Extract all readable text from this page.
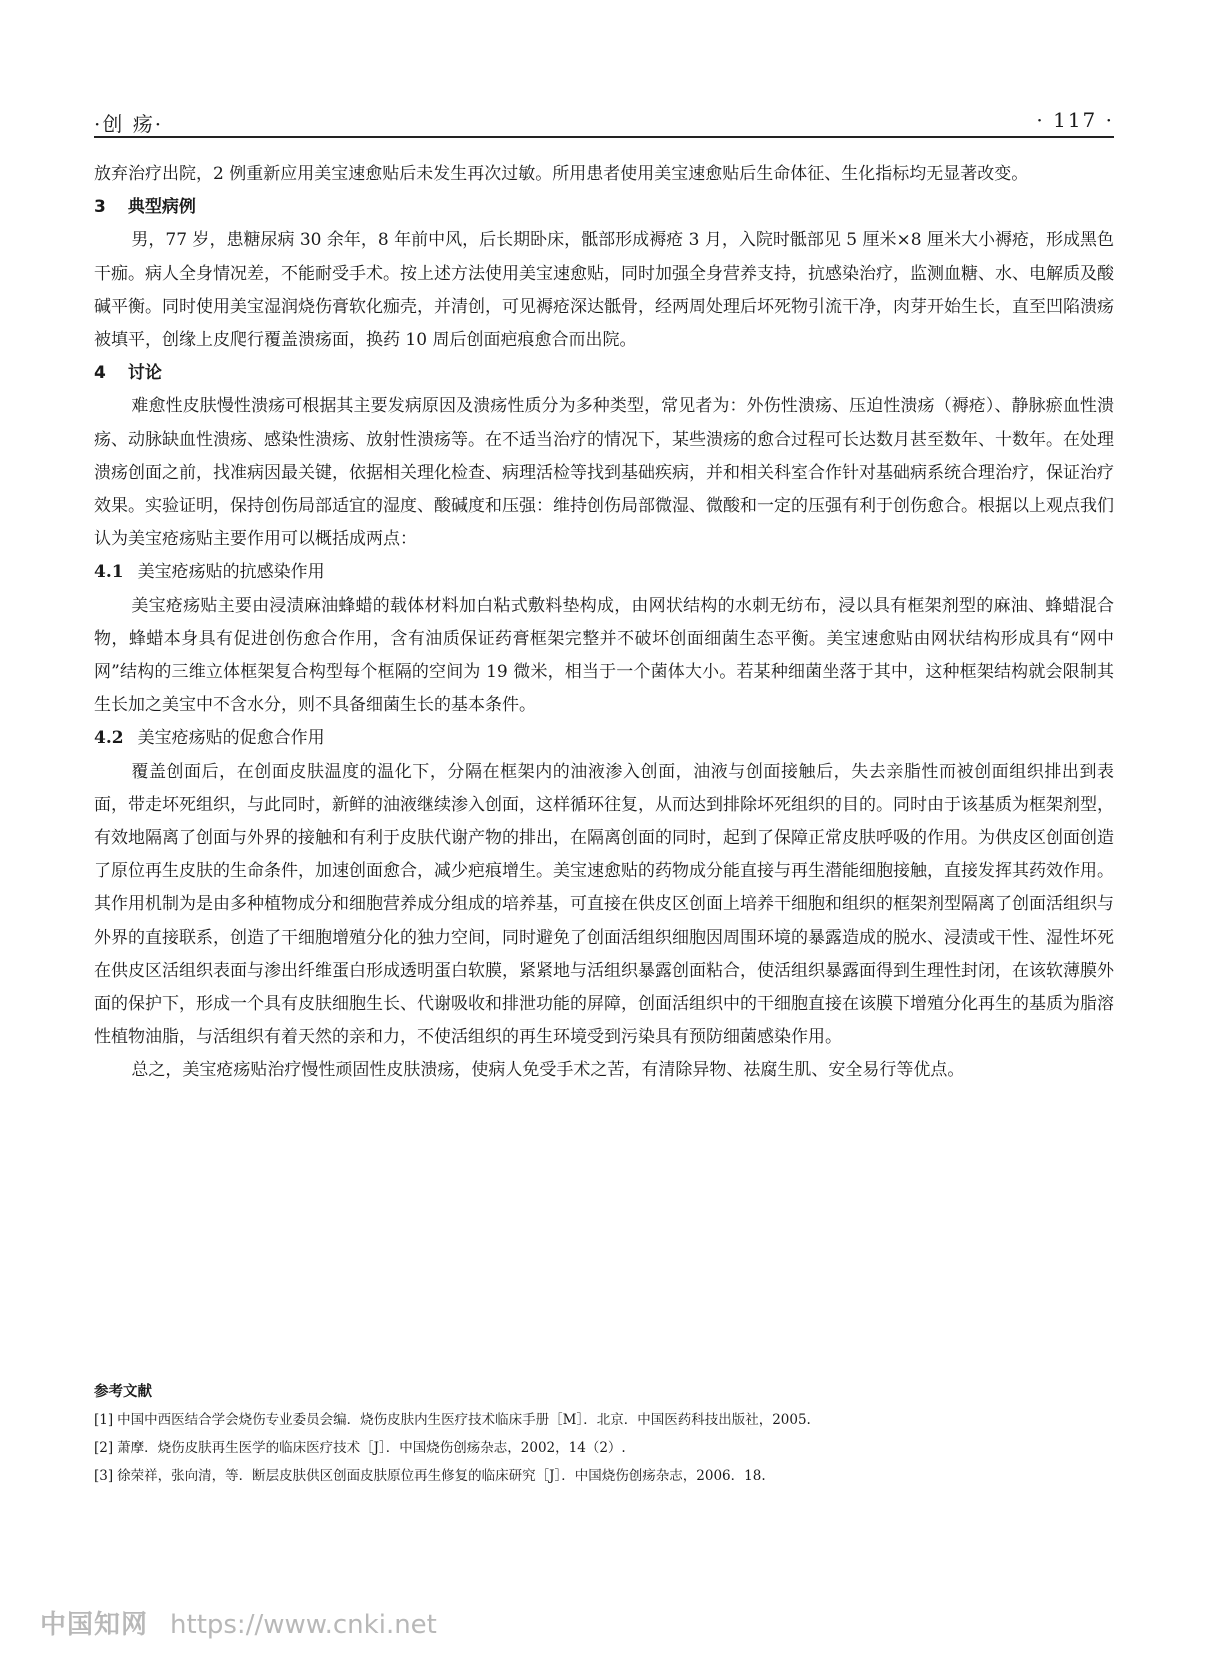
·创 疡·	· 117 ·

放弃治疗出院，2 例重新应用美宝速愈贴后未发生再次过敏。所用患者使用美宝速愈贴后生命体征、生化指标均无显著改变。

3 典型病例

男，77 岁，患糖尿病 30 余年，8 年前中风，后长期卧床，骶部形成褥疮 3 月，入院时骶部见 5 厘米×8 厘米大小褥疮，形成黑色干痂。病人全身情况差，不能耐受手术。按上述方法使用美宝速愈贴，同时加强全身营养支持，抗感染治疗，监测血糖、水、电解质及酸碱平衡。同时使用美宝湿润烧伤膏软化痂壳，并清创，可见褥疮深达骶骨，经两周处理后坏死物引流干净，肉芽开始生长，直至凹陷溃疡被填平，创缘上皮爬行覆盖溃疡面，换药 10 周后创面疤痕愈合而出院。

4 讨论

难愈性皮肤慢性溃疡可根据其主要发病原因及溃疡性质分为多种类型，常见者为：外伤性溃疡、压迫性溃疡（褥疮）、静脉瘀血性溃疡、动脉缺血性溃疡、感染性溃疡、放射性溃疡等。在不适当治疗的情况下，某些溃疡的愈合过程可长达数月甚至数年、十数年。在处理溃疡创面之前，找准病因最关键，依据相关理化检查、病理活检等找到基础疾病，并和相关科室合作针对基础病系统合理治疗，保证治疗效果。实验证明，保持创伤局部适宜的湿度、酸碱度和压强：维持创伤局部微湿、微酸和一定的压强有利于创伤愈合。根据以上观点我们认为美宝疮疡贴主要作用可以概括成两点：

4.1 美宝疮疡贴的抗感染作用

美宝疮疡贴主要由浸渍麻油蜂蜡的载体材料加白粘式敷料垫构成，由网状结构的水刺无纺布，浸以具有框架剂型的麻油、蜂蜡混合物，蜂蜡本身具有促进创伤愈合作用，含有油质保证药膏框架完整并不破坏创面细菌生态平衡。美宝速愈贴由网状结构形成具有“网中网”结构的三维立体框架复合构型每个框隔的空间为 19 微米，相当于一个菌体大小。若某种细菌坐落于其中，这种框架结构就会限制其生长加之美宝中不含水分，则不具备细菌生长的基本条件。

4.2 美宝疮疡贴的促愈合作用

覆盖创面后，在创面皮肤温度的温化下，分隔在框架内的油液渗入创面，油液与创面接触后，失去亲脂性而被创面组织排出到表面，带走坏死组织，与此同时，新鲜的油液继续渗入创面，这样循环往复，从而达到排除坏死组织的目的。同时由于该基质为框架剂型，有效地隔离了创面与外界的接触和有利于皮肤代谢产物的排出，在隔离创面的同时，起到了保障正常皮肤呼吸的作用。为供皮区创面创造了原位再生皮肤的生命条件，加速创面愈合，减少疤痕增生。美宝速愈贴的药物成分能直接与再生潜能细胞接触，直接发挥其药效作用。其作用机制为是由多种植物成分和细胞营养成分组成的培养基，可直接在供皮区创面上培养干细胞和组织的框架剂型隔离了创面活组织与外界的直接联系，创造了干细胞增殖分化的独力空间，同时避免了创面活组织细胞因周围环境的暴露造成的脱水、浸渍或干性、湿性坏死在供皮区活组织表面与渗出纤维蛋白形成透明蛋白软膜，紧紧地与活组织暴露创面粘合，使活组织暴露面得到生理性封闭，在该软薄膜外面的保护下，形成一个具有皮肤细胞生长、代谢吸收和排泄功能的屏障，创面活组织中的干细胞直接在该膜下增殖分化再生的基质为脂溶性植物油脂，与活组织有着天然的亲和力，不使活组织的再生环境受到污染具有预防细菌感染作用。

总之，美宝疮疡贴治疗慢性顽固性皮肤溃疡，使病人免受手术之苦，有清除异物、祛腐生肌、安全易行等优点。

参考文献
[1] 中国中西医结合学会烧伤专业委员会编．烧伤皮肤内生医疗技术临床手册［M］．北京．中国医药科技出版社，2005.
[2] 萧摩．烧伤皮肤再生医学的临床医疗技术［J］．中国烧伤创疡杂志，2002，14（2）.
[3] 徐荣祥，张向清，等．断层皮肤供区创面皮肤原位再生修复的临床研究［J］．中国烧伤创疡杂志，2006．18.
中国知网 https://www.cnki.net
